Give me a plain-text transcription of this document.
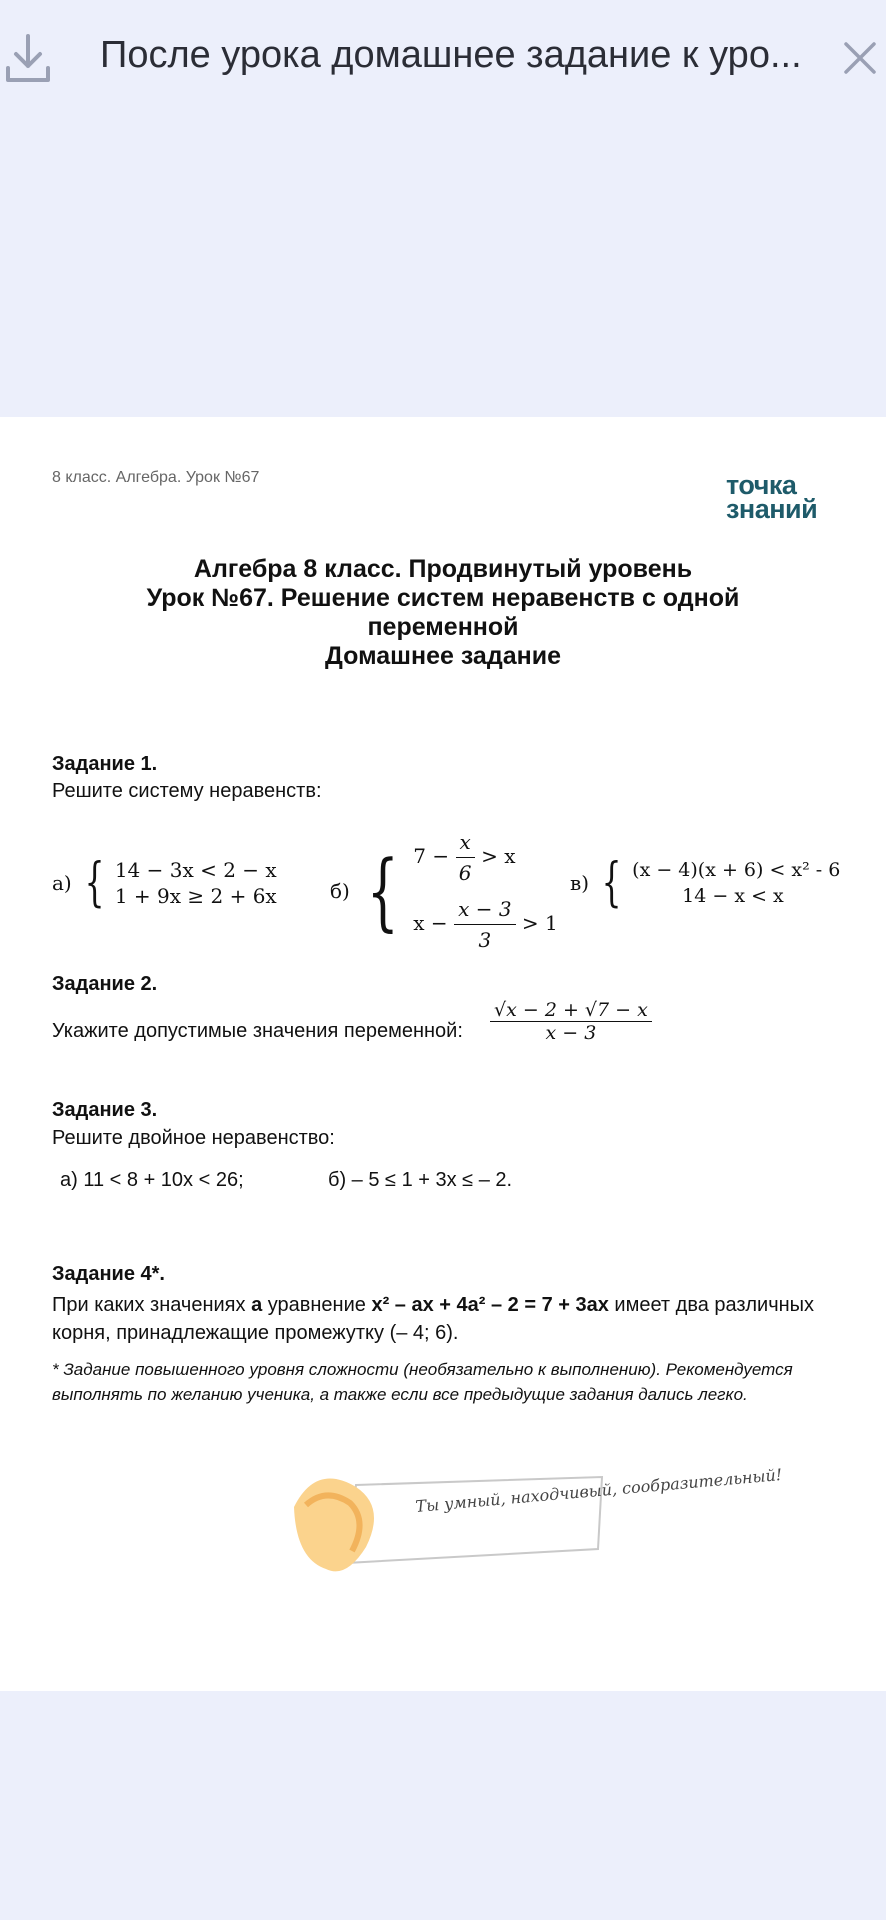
После урока домашнее задание к уро...
8 класс. Алгебра. Урок №67	точка
знаний
Алгебра 8 класс. Продвинутый уровень
Урок №67. Решение систем неравенств с одной
переменной
Домашнее задание
Задание 1.
Решите систему неравенств:
а) { 14 − 3x < 2 − x
1 + 9x ≥ 2 + 6x	б) { $7 - \frac{x}{6} > x$
$x - \frac{x - 3}{3} > 1$
в) { (x − 4)(x + 6) < x² - 6
14 − x < x
Задание 2.
Укажите допустимые значения переменной: $\frac{√x - 2 + √7 - x}{x - 3}$
Задание 3.
Решите двойное неравенство:
а) 11 < 8 + 10x < 26;	б) – 5 ≤ 1 + 3x ≤ – 2.
Задание 4*.
При каких значениях а уравнение x² – ax + 4a² – 2 = 7 + 3ax имеет два различных корня, принадлежащие промежутку (– 4; 6).
* Задание повышенного уровня сложности (необязательно к выполнению). Рекомендуется выполнять по желанию ученика, а также если все предыдущие задания дались легко.
Ты умный, находчивый, сообразительный!
